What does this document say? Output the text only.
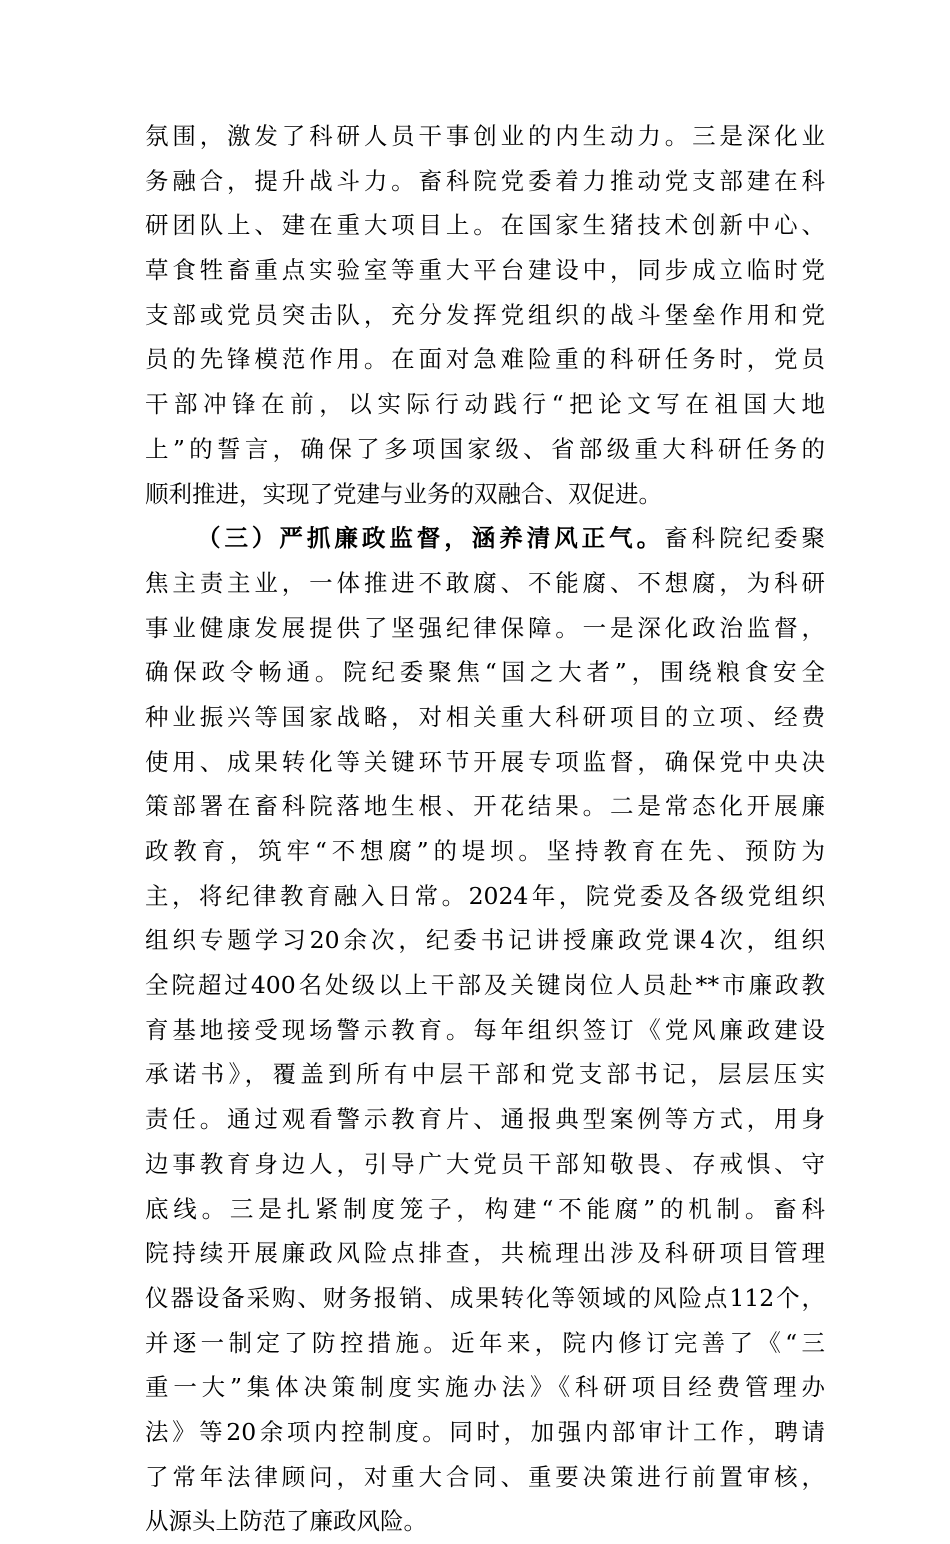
氛围，激发了科研人员干事创业的内生动力。三是深化业
务融合，提升战斗力。畜科院党委着力推动党支部建在科
研团队上、建在重大项目上。在国家生猪技术创新中心、
草食牲畜重点实验室等重大平台建设中，同步成立临时党
支部或党员突击队，充分发挥党组织的战斗堡垒作用和党
员的先锋模范作用。在面对急难险重的科研任务时，党员
干部冲锋在前，以实际行动践行“把论文写在祖国大地
上”的誓言，确保了多项国家级、省部级重大科研任务的
顺利推进，实现了党建与业务的双融合、双促进。
（三）严抓廉政监督，涵养清风正气。畜科院纪委聚
焦主责主业，一体推进不敢腐、不能腐、不想腐，为科研
事业健康发展提供了坚强纪律保障。一是深化政治监督，
确保政令畅通。院纪委聚焦“国之大者”，围绕粮食安全
种业振兴等国家战略，对相关重大科研项目的立项、经费
使用、成果转化等关键环节开展专项监督，确保党中央决
策部署在畜科院落地生根、开花结果。二是常态化开展廉
政教育，筑牢“不想腐”的堤坝。坚持教育在先、预防为
主，将纪律教育融入日常。2024年，院党委及各级党组织
组织专题学习20余次，纪委书记讲授廉政党课4次，组织
全院超过400名处级以上干部及关键岗位人员赴**市廉政教
育基地接受现场警示教育。每年组织签订《党风廉政建设
承诺书》，覆盖到所有中层干部和党支部书记，层层压实
责任。通过观看警示教育片、通报典型案例等方式，用身
边事教育身边人，引导广大党员干部知敬畏、存戒惧、守
底线。三是扎紧制度笼子，构建“不能腐”的机制。畜科
院持续开展廉政风险点排查，共梳理出涉及科研项目管理
仪器设备采购、财务报销、成果转化等领域的风险点112个，
并逐一制定了防控措施。近年来，院内修订完善了《“三
重一大”集体决策制度实施办法》《科研项目经费管理办
法》等20余项内控制度。同时，加强内部审计工作，聘请
了常年法律顾问，对重大合同、重要决策进行前置审核，
从源头上防范了廉政风险。
